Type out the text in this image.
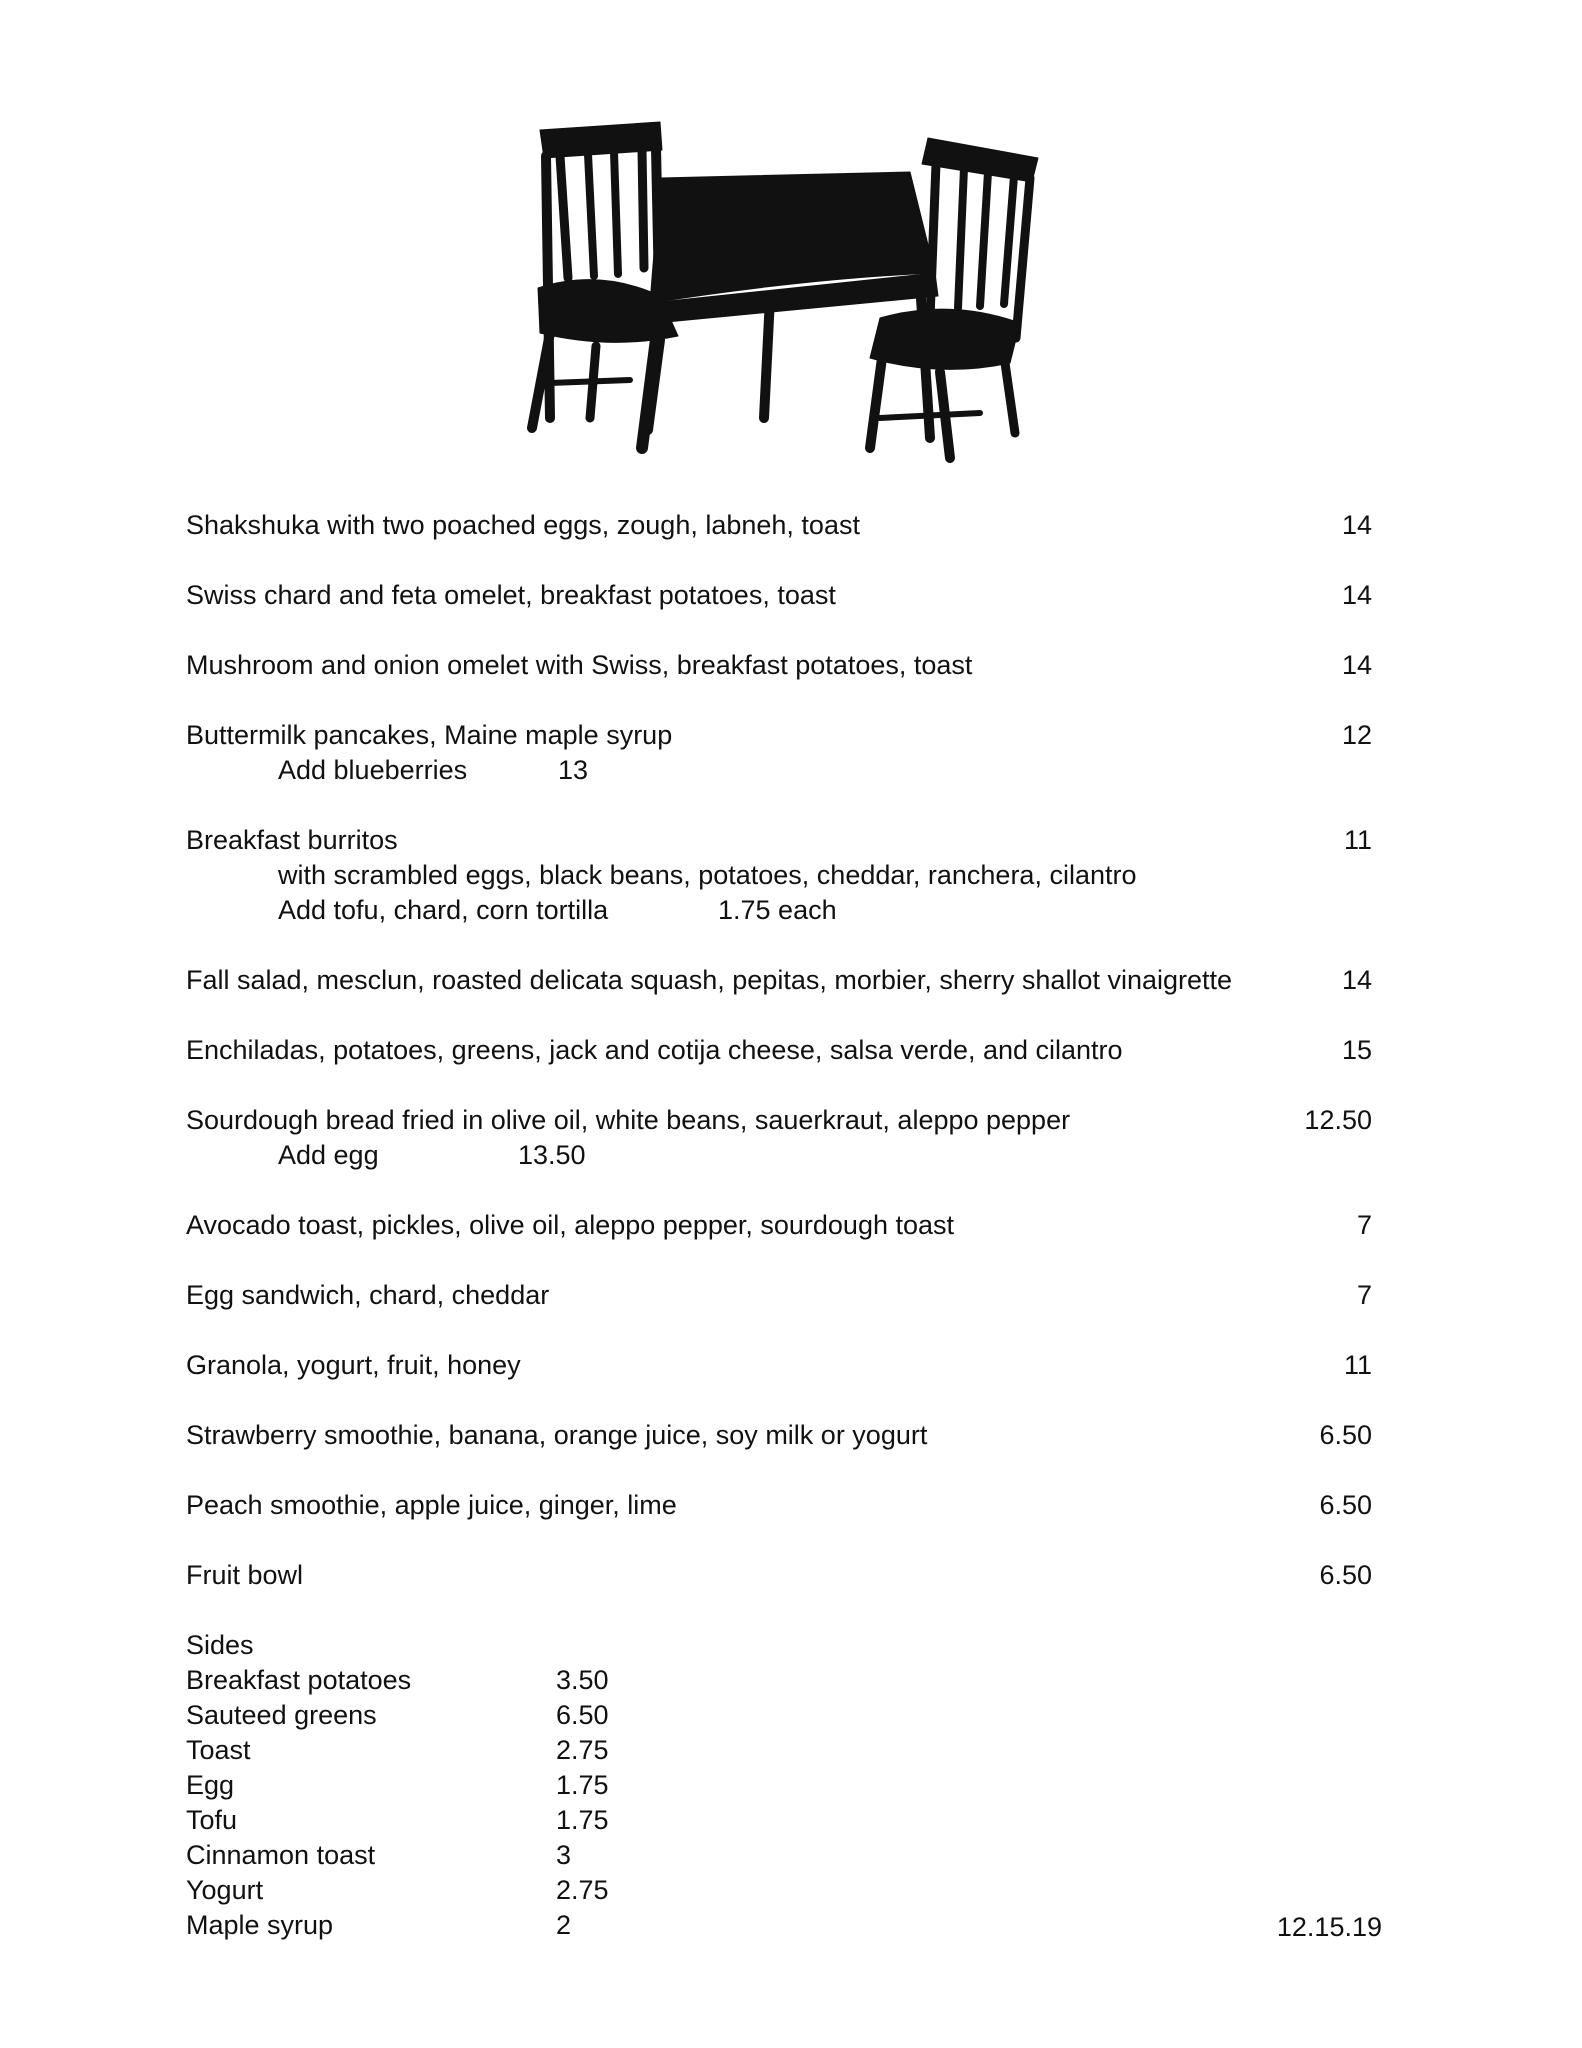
Shakshuka with two poached eggs, zough, labneh, toast	14
Swiss chard and feta omelet, breakfast potatoes, toast	14
Mushroom and onion omelet with Swiss, breakfast potatoes, toast	14
Buttermilk pancakes, Maine maple syrup	12
Add blueberries	13
Breakfast burritos	11
with scrambled eggs, black beans, potatoes, cheddar, ranchera, cilantro
Add tofu, chard, corn tortilla	1.75 each
Fall salad, mesclun, roasted delicata squash, pepitas, morbier, sherry shallot vinaigrette	14
Enchiladas, potatoes, greens, jack and cotija cheese, salsa verde, and cilantro	15
Sourdough bread fried in olive oil, white beans, sauerkraut, aleppo pepper	12.50
Add egg	13.50
Avocado toast, pickles, olive oil, aleppo pepper, sourdough toast	7
Egg sandwich, chard, cheddar	7
Granola, yogurt, fruit, honey	11
Strawberry smoothie, banana, orange juice, soy milk or yogurt	6.50
Peach smoothie, apple juice, ginger, lime	6.50
Fruit bowl	6.50
Sides
Breakfast potatoes	3.50
Sauteed greens	6.50
Toast	2.75
Egg	1.75
Tofu	1.75
Cinnamon toast	3
Yogurt	2.75
Maple syrup	2	12.15.19
